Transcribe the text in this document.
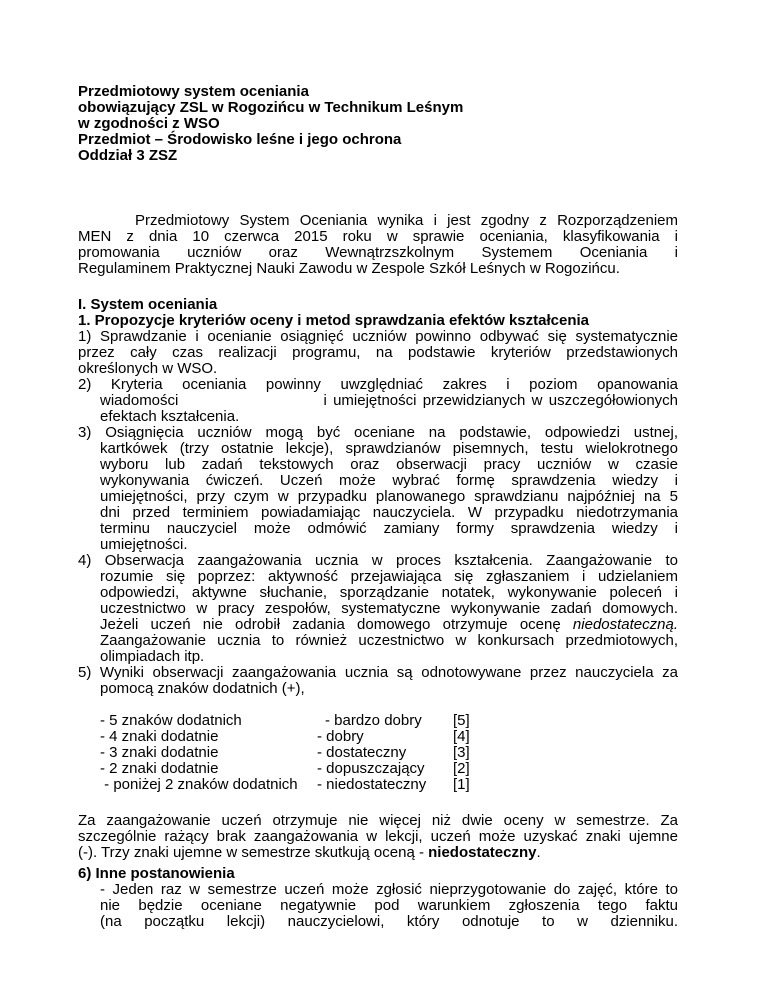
Przedmiotowy system oceniania
obowiązujący ZSL w Rogozińcu w Technikum Leśnym
w zgodności z WSO
Przedmiot – Środowisko leśne i jego ochrona
Oddział 3 ZSZ
Przedmiotowy System Oceniania wynika i jest zgodny z Rozporządzeniem
MEN z dnia 10 czerwca 2015 roku w sprawie oceniania, klasyfikowania i
promowania uczniów oraz Wewnątrzszkolnym Systemem Oceniania i
Regulaminem Praktycznej Nauki Zawodu w Zespole Szkół Leśnych w Rogozińcu.
I. System oceniania
1. Propozycje kryteriów oceny i metod sprawdzania efektów kształcenia
1) Sprawdzanie i ocenianie osiągnięć uczniów powinno odbywać się systematycznie
przez cały czas realizacji programu, na podstawie kryteriów przedstawionych
określonych w WSO.
2) Kryteria oceniania powinny uwzględniać zakres i poziom opanowania
wiadomości                       i umiejętności przewidzianych w uszczegółowionych
efektach kształcenia.
3) Osiągnięcia uczniów mogą być oceniane na podstawie, odpowiedzi ustnej,
kartkówek (trzy ostatnie lekcje), sprawdzianów pisemnych, testu wielokrotnego
wyboru lub zadań tekstowych oraz obserwacji pracy uczniów w czasie
wykonywania ćwiczeń. Uczeń może wybrać formę sprawdzenia wiedzy i
umiejętności, przy czym w przypadku planowanego sprawdzianu najpóźniej na 5
dni przed terminiem powiadamiając nauczyciela. W przypadku niedotrzymania
terminu nauczyciel może odmówić zamiany formy sprawdzenia wiedzy i
umiejętności.
4) Obserwacja zaangażowania ucznia w proces kształcenia. Zaangażowanie to
rozumie się poprzez: aktywność przejawiająca się zgłaszaniem i udzielaniem
odpowiedzi, aktywne słuchanie, sporządzanie notatek, wykonywanie poleceń i
uczestnictwo w pracy zespołów, systematyczne wykonywanie zadań domowych.
Jeżeli uczeń nie odrobił zadania domowego otrzymuje ocenę niedostateczną.
Zaangażowanie ucznia to również uczestnictwo w konkursach przedmiotowych,
olimpiadach itp.
5) Wyniki obserwacji zaangażowania ucznia są odnotowywane przez nauczyciela za
pomocą znaków dodatnich (+),
- 5 znaków dodatnich	- bardzo dobry [5]
- 4 znaki dodatnie	- dobry	[4]
- 3 znaki dodatnie	- dostateczny	[3]
- 2 znaki dodatnie	- dopuszczający [2]
- poniżej 2 znaków dodatnich - niedostateczny [1]
Za zaangażowanie uczeń otrzymuje nie więcej niż dwie oceny w semestrze. Za
szczególnie rażący brak zaangażowania w lekcji, uczeń może uzyskać znaki ujemne
(-). Trzy znaki ujemne w semestrze skutkują oceną - niedostateczny.
6) Inne postanowienia
- Jeden raz w semestrze uczeń może zgłosić nieprzygotowanie do zajęć, które to
nie będzie oceniane negatywnie pod warunkiem zgłoszenia tego faktu
(na początku lekcji) nauczycielowi, który odnotuje to w dzienniku.
